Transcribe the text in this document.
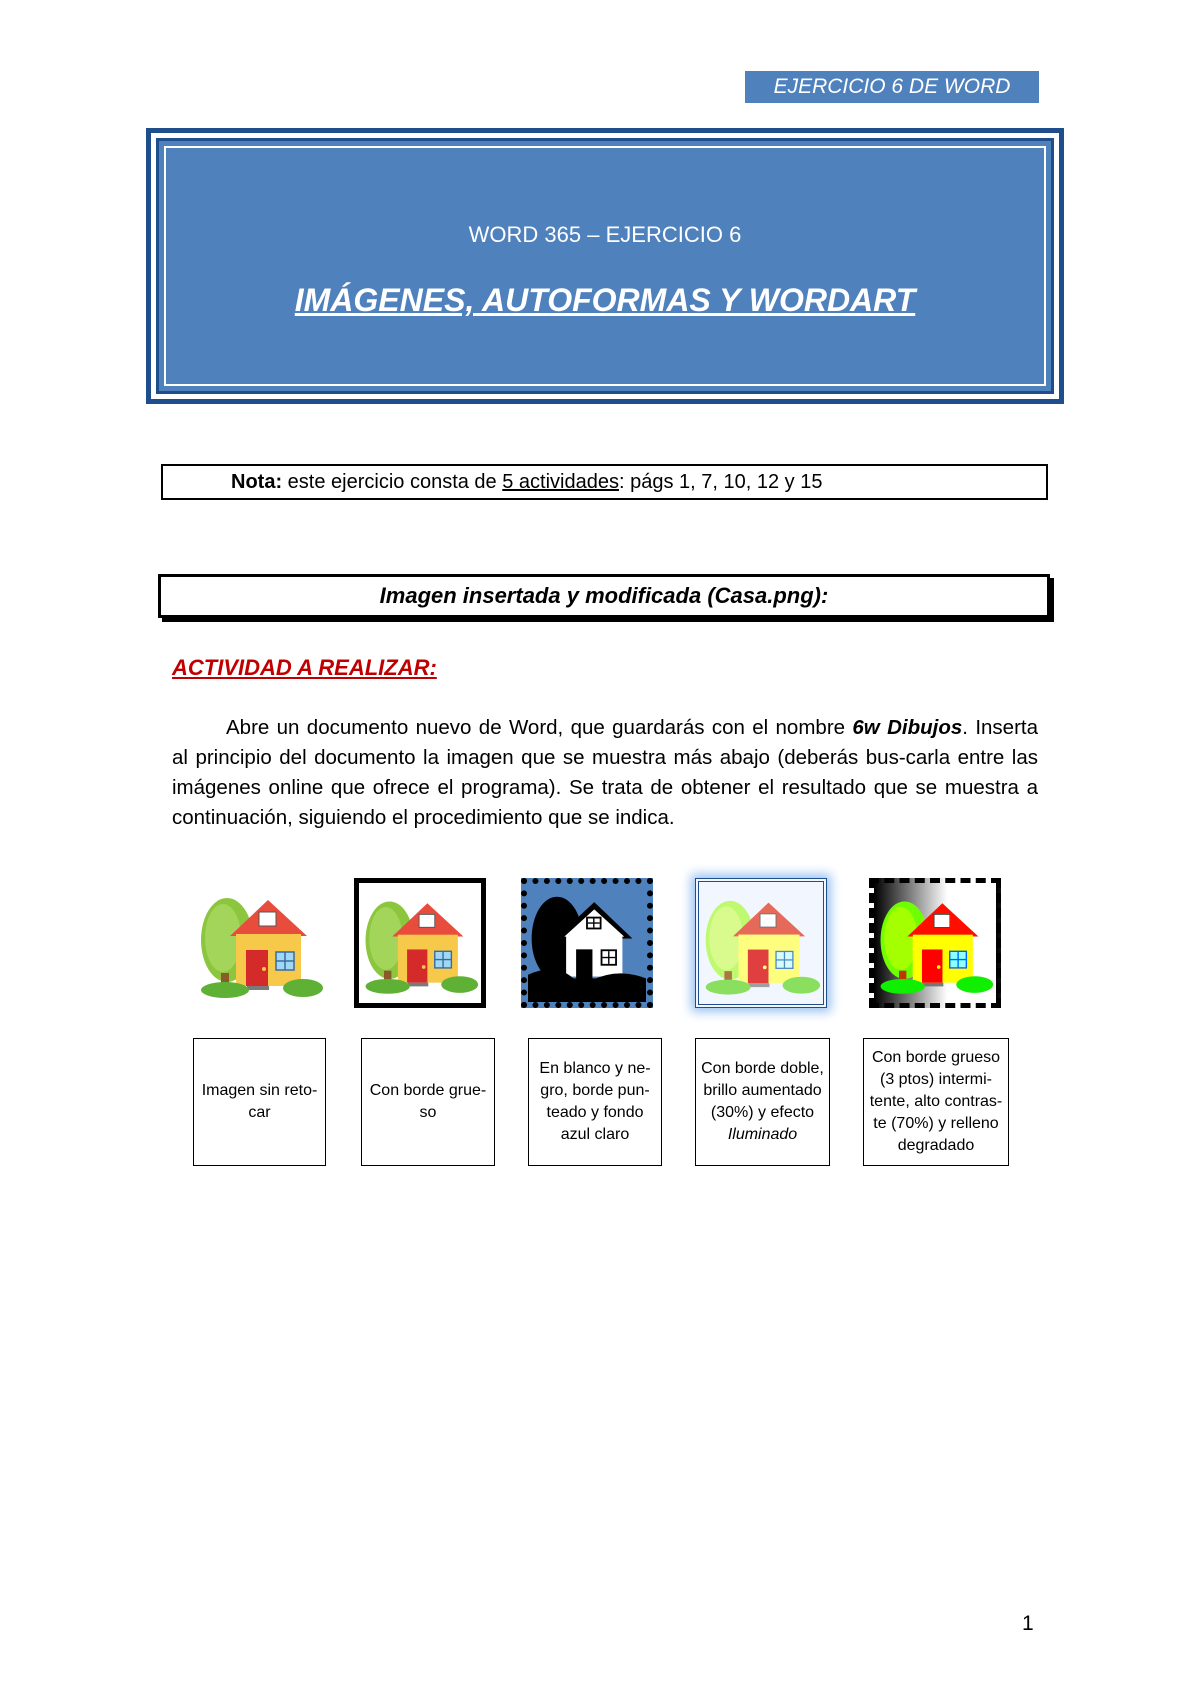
EJERCICIO 6 DE WORD
WORD 365 – EJERCICIO 6
IMÁGENES, AUTOFORMAS Y WORDART
Nota: este ejercicio consta de 5 actividades: págs 1, 7, 10, 12 y 15
Imagen insertada y modificada (Casa.png):
ACTIVIDAD A REALIZAR:
Abre un documento nuevo de Word, que guardarás con el nombre 6w Dibujos. Inserta al principio del documento la imagen que se muestra más abajo (deberás bus-carla entre las imágenes online que ofrece el programa). Se trata de obtener el resultado que se muestra a continuación, siguiendo el procedimiento que se indica.
Imagen sin reto-car
Con borde grue-so
En blanco y ne-gro, borde pun-teado y fondo azul claro
Con borde doble, brillo aumentado (30%) y efecto Iluminado
Con borde grueso (3 ptos) intermi-tente, alto contras-te (70%) y relleno degradado
1
